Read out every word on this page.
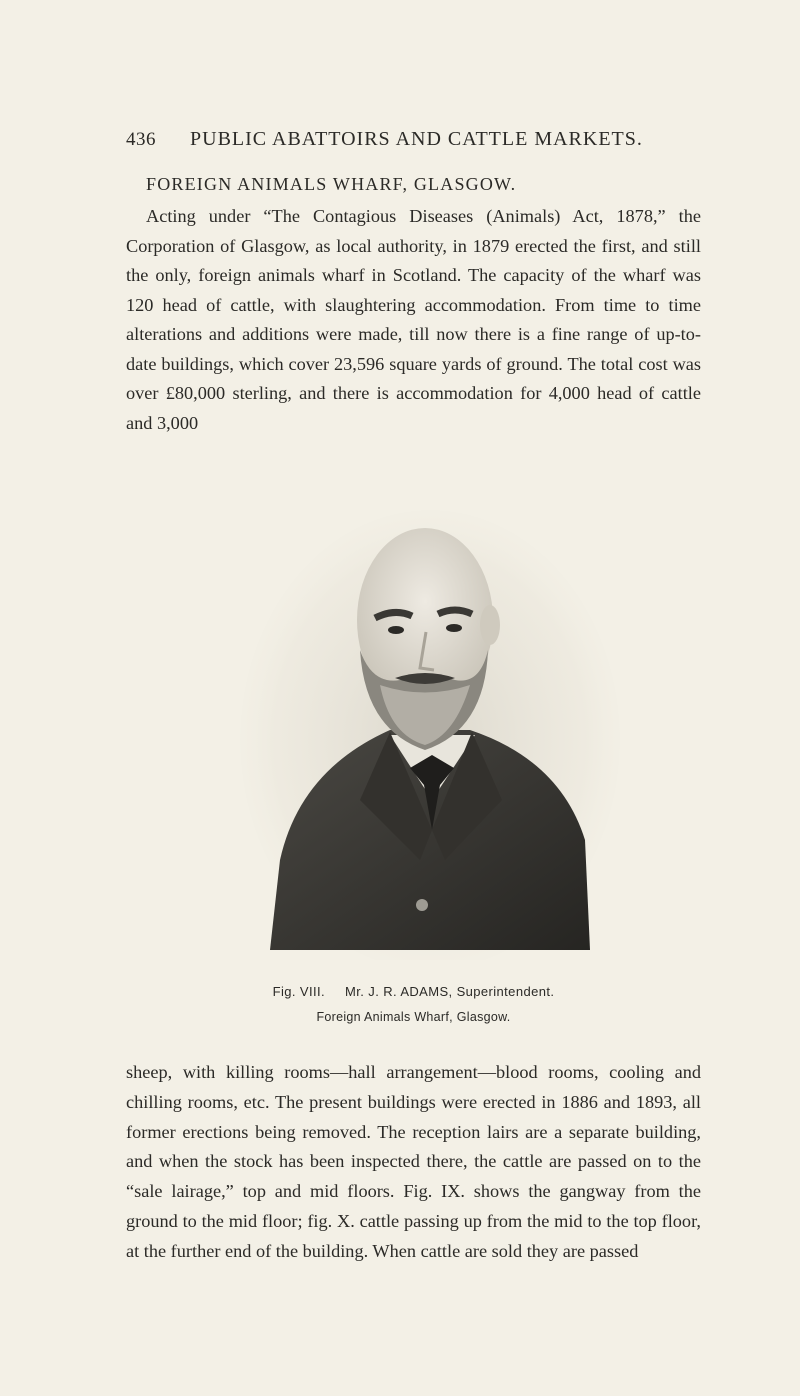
436 PUBLIC ABATTOIRS AND CATTLE MARKETS.
FOREIGN ANIMALS WHARF, GLASGOW.

Acting under “The Contagious Diseases (Animals) Act, 1878,” the Corporation of Glasgow, as local authority, in 1879 erected the first, and still the only, foreign animals wharf in Scotland. The capacity of the wharf was 120 head of cattle, with slaughtering accommodation. From time to time alterations and additions were made, till now there is a fine range of up-to-date buildings, which cover 23,596 square yards of ground. The total cost was over £80,000 sterling, and there is accommodation for 4,000 head of cattle and 3,000

Fig. VIII. Mr. J. R. ADAMS, Superintendent.
Foreign Animals Wharf, Glasgow.

sheep, with killing rooms—hall arrangement—blood rooms, cooling and chilling rooms, etc. The present buildings were erected in 1886 and 1893, all former erections being removed. The reception lairs are a separate building, and when the stock has been inspected there, the cattle are passed on to the “sale lairage,” top and mid floors. Fig. IX. shows the gangway from the ground to the mid floor; fig. X. cattle passing up from the mid to the top floor, at the further end of the building. When cattle are sold they are passed
